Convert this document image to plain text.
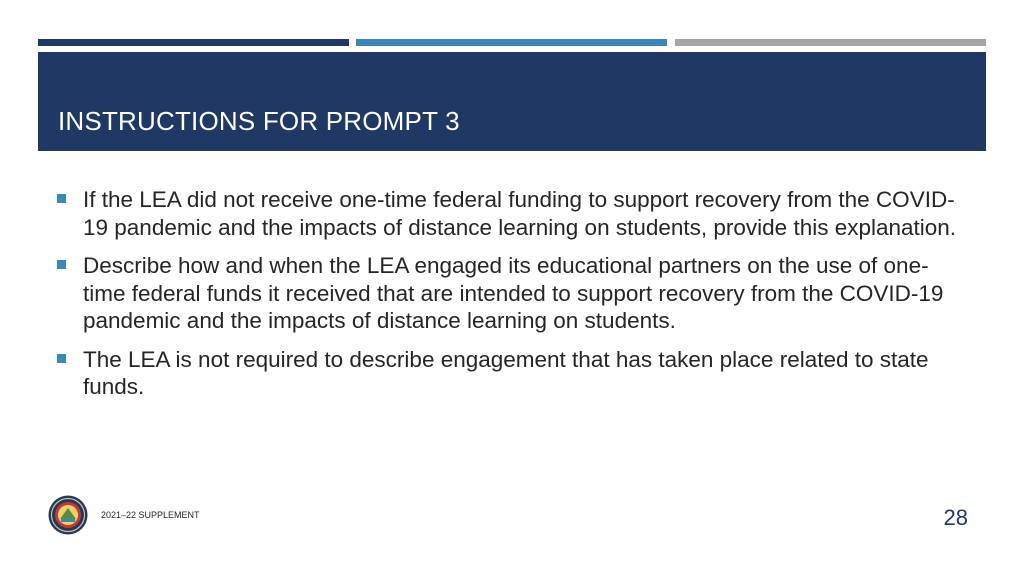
INSTRUCTIONS FOR PROMPT 3
If the LEA did not receive one-time federal funding to support recovery from the COVID-19 pandemic and the impacts of distance learning on students, provide this explanation.
Describe how and when the LEA engaged its educational partners on the use of one-time federal funds it received that are intended to support recovery from the COVID-19 pandemic and the impacts of distance learning on students.
The LEA is not required to describe engagement that has taken place related to state funds.
2021–22 SUPPLEMENT	28
